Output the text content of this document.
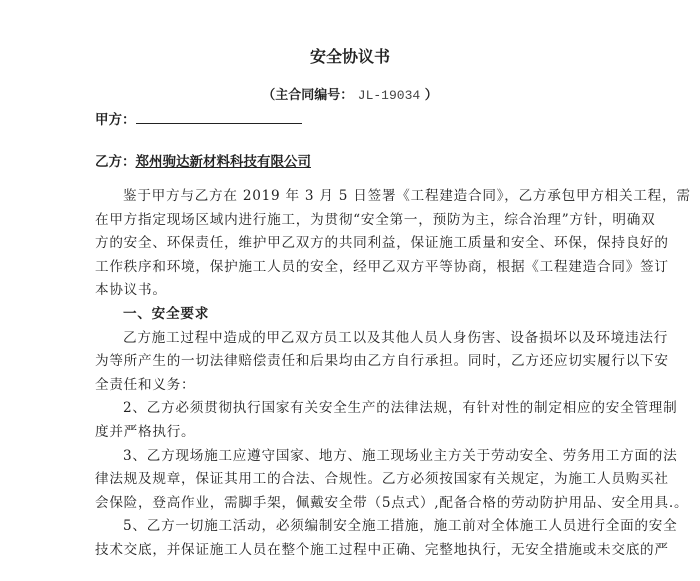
安全协议书
（主合同编号： JL-19034 ）
甲方：
乙方：郑州驹达新材料科技有限公司
鉴于甲方与乙方在 2019 年 3 月 5 日签署《工程建造合同》，乙方承包甲方相关工程，需
在甲方指定现场区域内进行施工，为贯彻“安全第一，预防为主，综合治理”方针，明确双
方的安全、环保责任，维护甲乙双方的共同利益，保证施工质量和安全、环保，保持良好的
工作秩序和环境，保护施工人员的安全，经甲乙双方平等协商，根据《工程建造合同》签订
本协议书。
一、安全要求
乙方施工过程中造成的甲乙双方员工以及其他人员人身伤害、设备损坏以及环境违法行
为等所产生的一切法律赔偿责任和后果均由乙方自行承担。同时，乙方还应切实履行以下安
全责任和义务：
2、乙方必须贯彻执行国家有关安全生产的法律法规，有针对性的制定相应的安全管理制
度并严格执行。
3、乙方现场施工应遵守国家、地方、施工现场业主方关于劳动安全、劳务用工方面的法
律法规及规章，保证其用工的合法、合规性。乙方必须按国家有关规定，为施工人员购买社
会保险，登高作业，需脚手架，佩戴安全带（5点式）,配备合格的劳动防护用品、安全用具.。
5、乙方一切施工活动，必须编制安全施工措施，施工前对全体施工人员进行全面的安全
技术交底，并保证施工人员在整个施工过程中正确、完整地执行，无安全措施或未交底的严
